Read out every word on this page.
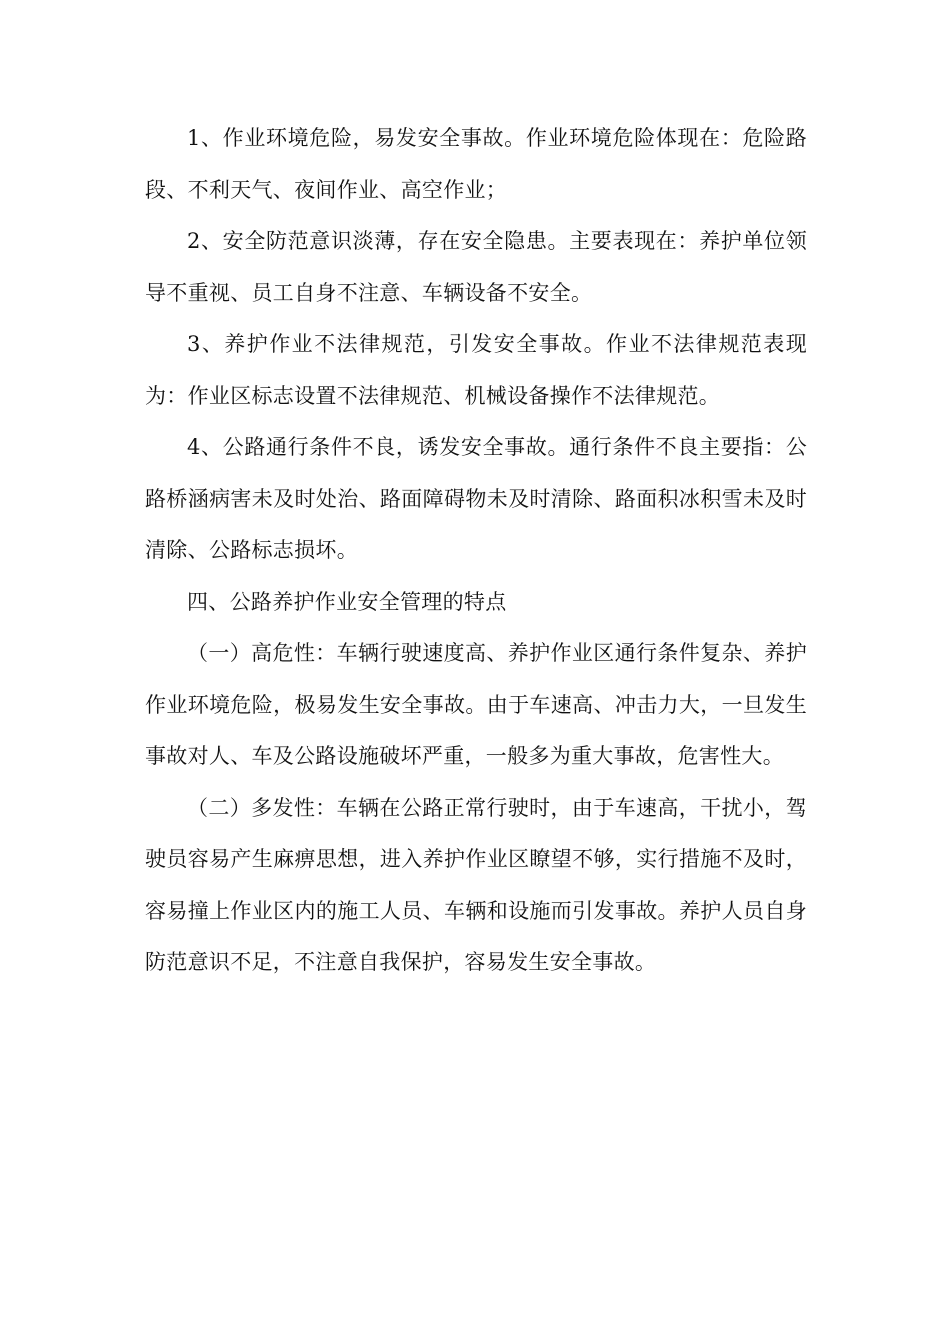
1、作业环境危险，易发安全事故。作业环境危险体现在：危险路段、不利天气、夜间作业、高空作业；

2、安全防范意识淡薄，存在安全隐患。主要表现在：养护单位领导不重视、员工自身不注意、车辆设备不安全。

3、养护作业不法律规范，引发安全事故。作业不法律规范表现为：作业区标志设置不法律规范、机械设备操作不法律规范。

4、公路通行条件不良，诱发安全事故。通行条件不良主要指：公路桥涵病害未及时处治、路面障碍物未及时清除、路面积冰积雪未及时清除、公路标志损坏。

四、公路养护作业安全管理的特点

（一）高危性：车辆行驶速度高、养护作业区通行条件复杂、养护作业环境危险，极易发生安全事故。由于车速高、冲击力大，一旦发生事故对人、车及公路设施破坏严重，一般多为重大事故，危害性大。

（二）多发性：车辆在公路正常行驶时，由于车速高，干扰小，驾驶员容易产生麻痹思想，进入养护作业区瞭望不够，实行措施不及时，容易撞上作业区内的施工人员、车辆和设施而引发事故。养护人员自身防范意识不足，不注意自我保护，容易发生安全事故。
